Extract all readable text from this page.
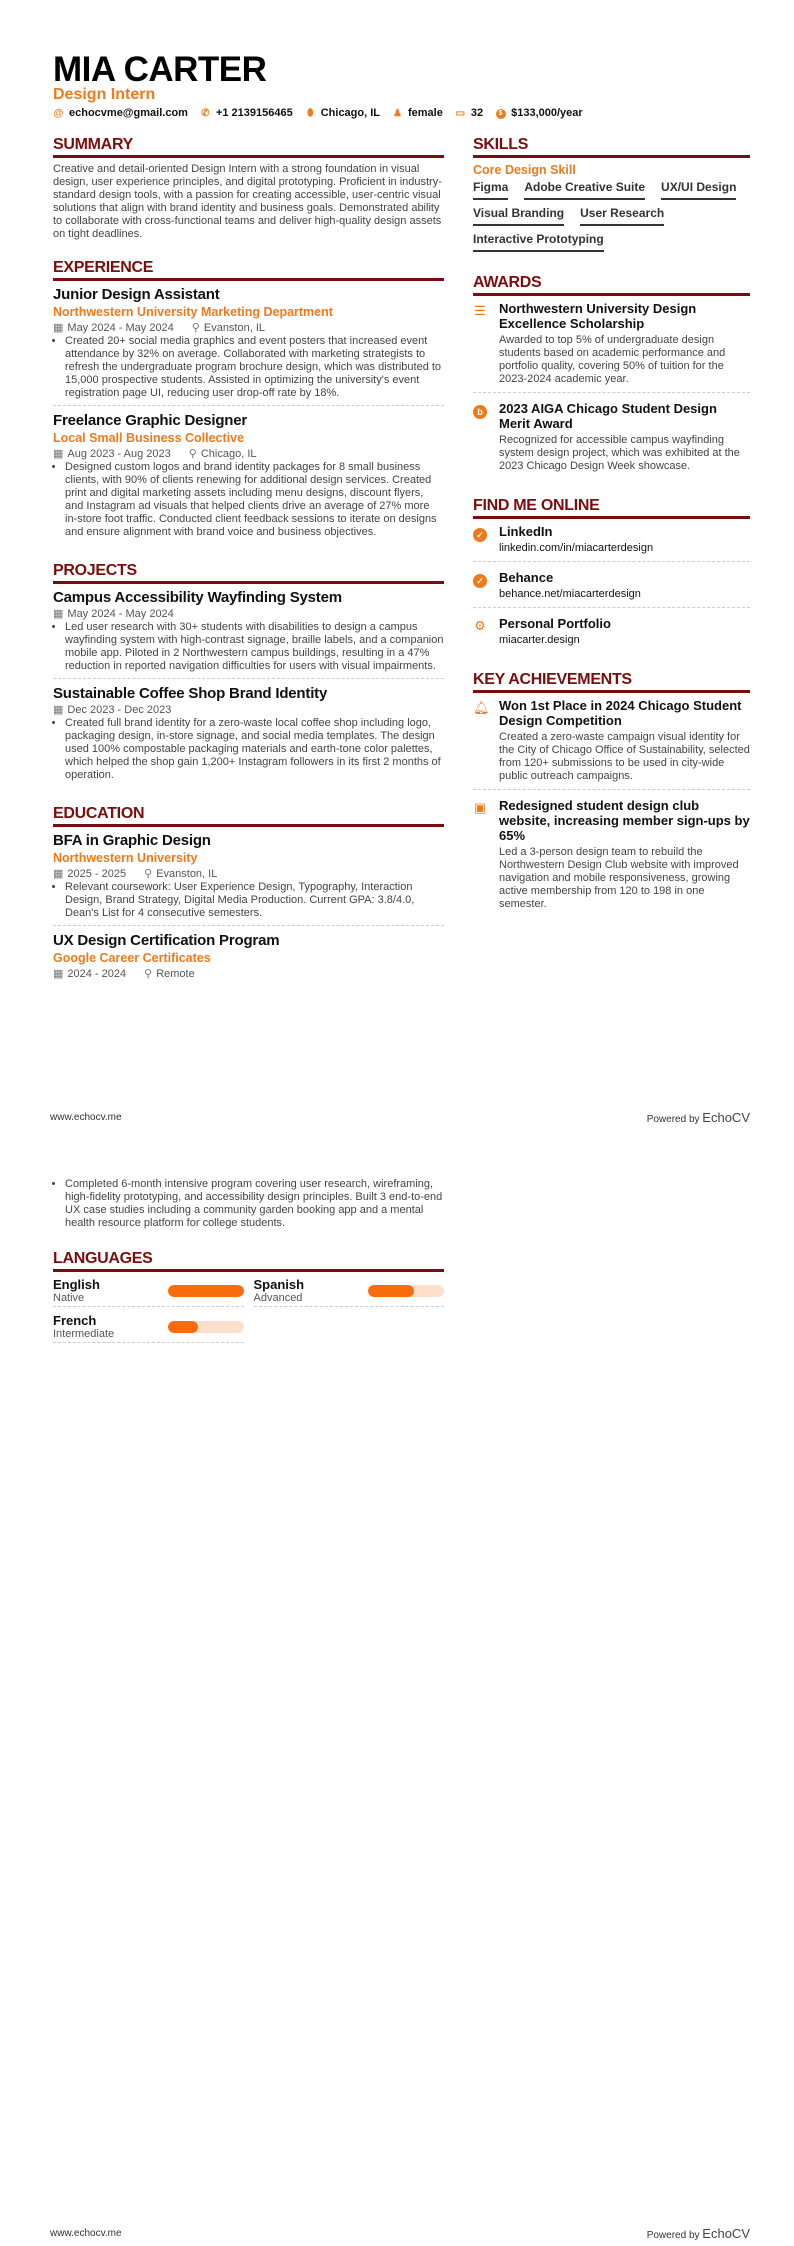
MIA CARTER
Design Intern
@ echocvme@gmail.com ✆ +1 2139156465 ⬮ Chicago, IL ♟ female ▭ 32	$ $133,000/year
SUMMARY

Creative and detail-oriented Design Intern with a strong foundation in visual design, user experience principles, and digital prototyping. Proficient in industry-standard design tools, with a passion for creating accessible, user-centric visual solutions that align with brand identity and business goals. Demonstrated ability to collaborate with cross-functional teams and deliver high-quality design assets on tight deadlines.

EXPERIENCE
Junior Design Assistant
Northwestern University Marketing Department
▦ May 2024 - May 2024 ⚲ Evanston, IL
• Created 20+ social media graphics and event posters that increased event attendance by 32% on average. Collaborated with marketing strategists to refresh the undergraduate program brochure design, which was distributed to 15,000 prospective students. Assisted in optimizing the university's event registration page UI, reducing user drop-off rate by 18%.
Freelance Graphic Designer
Local Small Business Collective
▦ Aug 2023 - Aug 2023 ⚲ Chicago, IL
• Designed custom logos and brand identity packages for 8 small business clients, with 90% of clients renewing for additional design services. Created print and digital marketing assets including menu designs, discount flyers, and Instagram ad visuals that helped clients drive an average of 27% more in-store foot traffic. Conducted client feedback sessions to iterate on designs and ensure alignment with brand voice and business objectives.
PROJECTS
Campus Accessibility Wayfinding System
▦ May 2024 - May 2024
• Led user research with 30+ students with disabilities to design a campus wayfinding system with high-contrast signage, braille labels, and a companion mobile app. Piloted in 2 Northwestern campus buildings, resulting in a 47% reduction in reported navigation difficulties for users with visual impairments.
Sustainable Coffee Shop Brand Identity
▦ Dec 2023 - Dec 2023
• Created full brand identity for a zero-waste local coffee shop including logo, packaging design, in-store signage, and social media templates. The design used 100% compostable packaging materials and earth-tone color palettes, which helped the shop gain 1,200+ Instagram followers in its first 2 months of operation.
EDUCATION
BFA in Graphic Design
Northwestern University
▦ 2025 - 2025 ⚲ Evanston, IL
• Relevant coursework: User Experience Design, Typography, Interaction Design, Brand Strategy, Digital Media Production. Current GPA: 3.8/4.0, Dean's List for 4 consecutive semesters.
UX Design Certification Program
Google Career Certificates
▦ 2024 - 2024 ⚲ Remote
SKILLS
Core Design Skill
Figma Adobe Creative Suite UX/UI Design
Visual Branding User Research
Interactive Prototyping
AWARDS
☰ Northwestern University Design Excellence Scholarship
Awarded to top 5% of undergraduate design students based on academic performance and portfolio quality, covering 50% of tuition for the 2023-2024 academic year.
b	2023 AIGA Chicago Student Design Merit Award
Recognized for accessible campus wayfinding system design project, which was exhibited at the 2023 Chicago Design Week showcase.
FIND ME ONLINE
✓ LinkedIn
linkedin.com/in/miacarterdesign
✓ Behance
behance.net/miacarterdesign
⚙ Personal Portfolio
miacarter.design
KEY ACHIEVEMENTS
🔔︎ Won 1st Place in 2024 Chicago Student Design Competition
Created a zero-waste campaign visual identity for the City of Chicago Office of Sustainability, selected from 120+ submissions to be used in city-wide public outreach campaigns.
▣ Redesigned student design club website, increasing member sign-ups by 65%
Led a 3-person design team to rebuild the Northwestern Design Club website with improved navigation and mobile responsiveness, growing active membership from 120 to 198 in one semester.
www.echocv.me	Powered by EchoCV
• Completed 6-month intensive program covering user research, wireframing, high-fidelity prototyping, and accessibility design principles. Built 3 end-to-end UX case studies including a community garden booking app and a mental health resource platform for college students.
LANGUAGES
English
Native
Spanish
Advanced
French
Intermediate
www.echocv.me	Powered by EchoCV
